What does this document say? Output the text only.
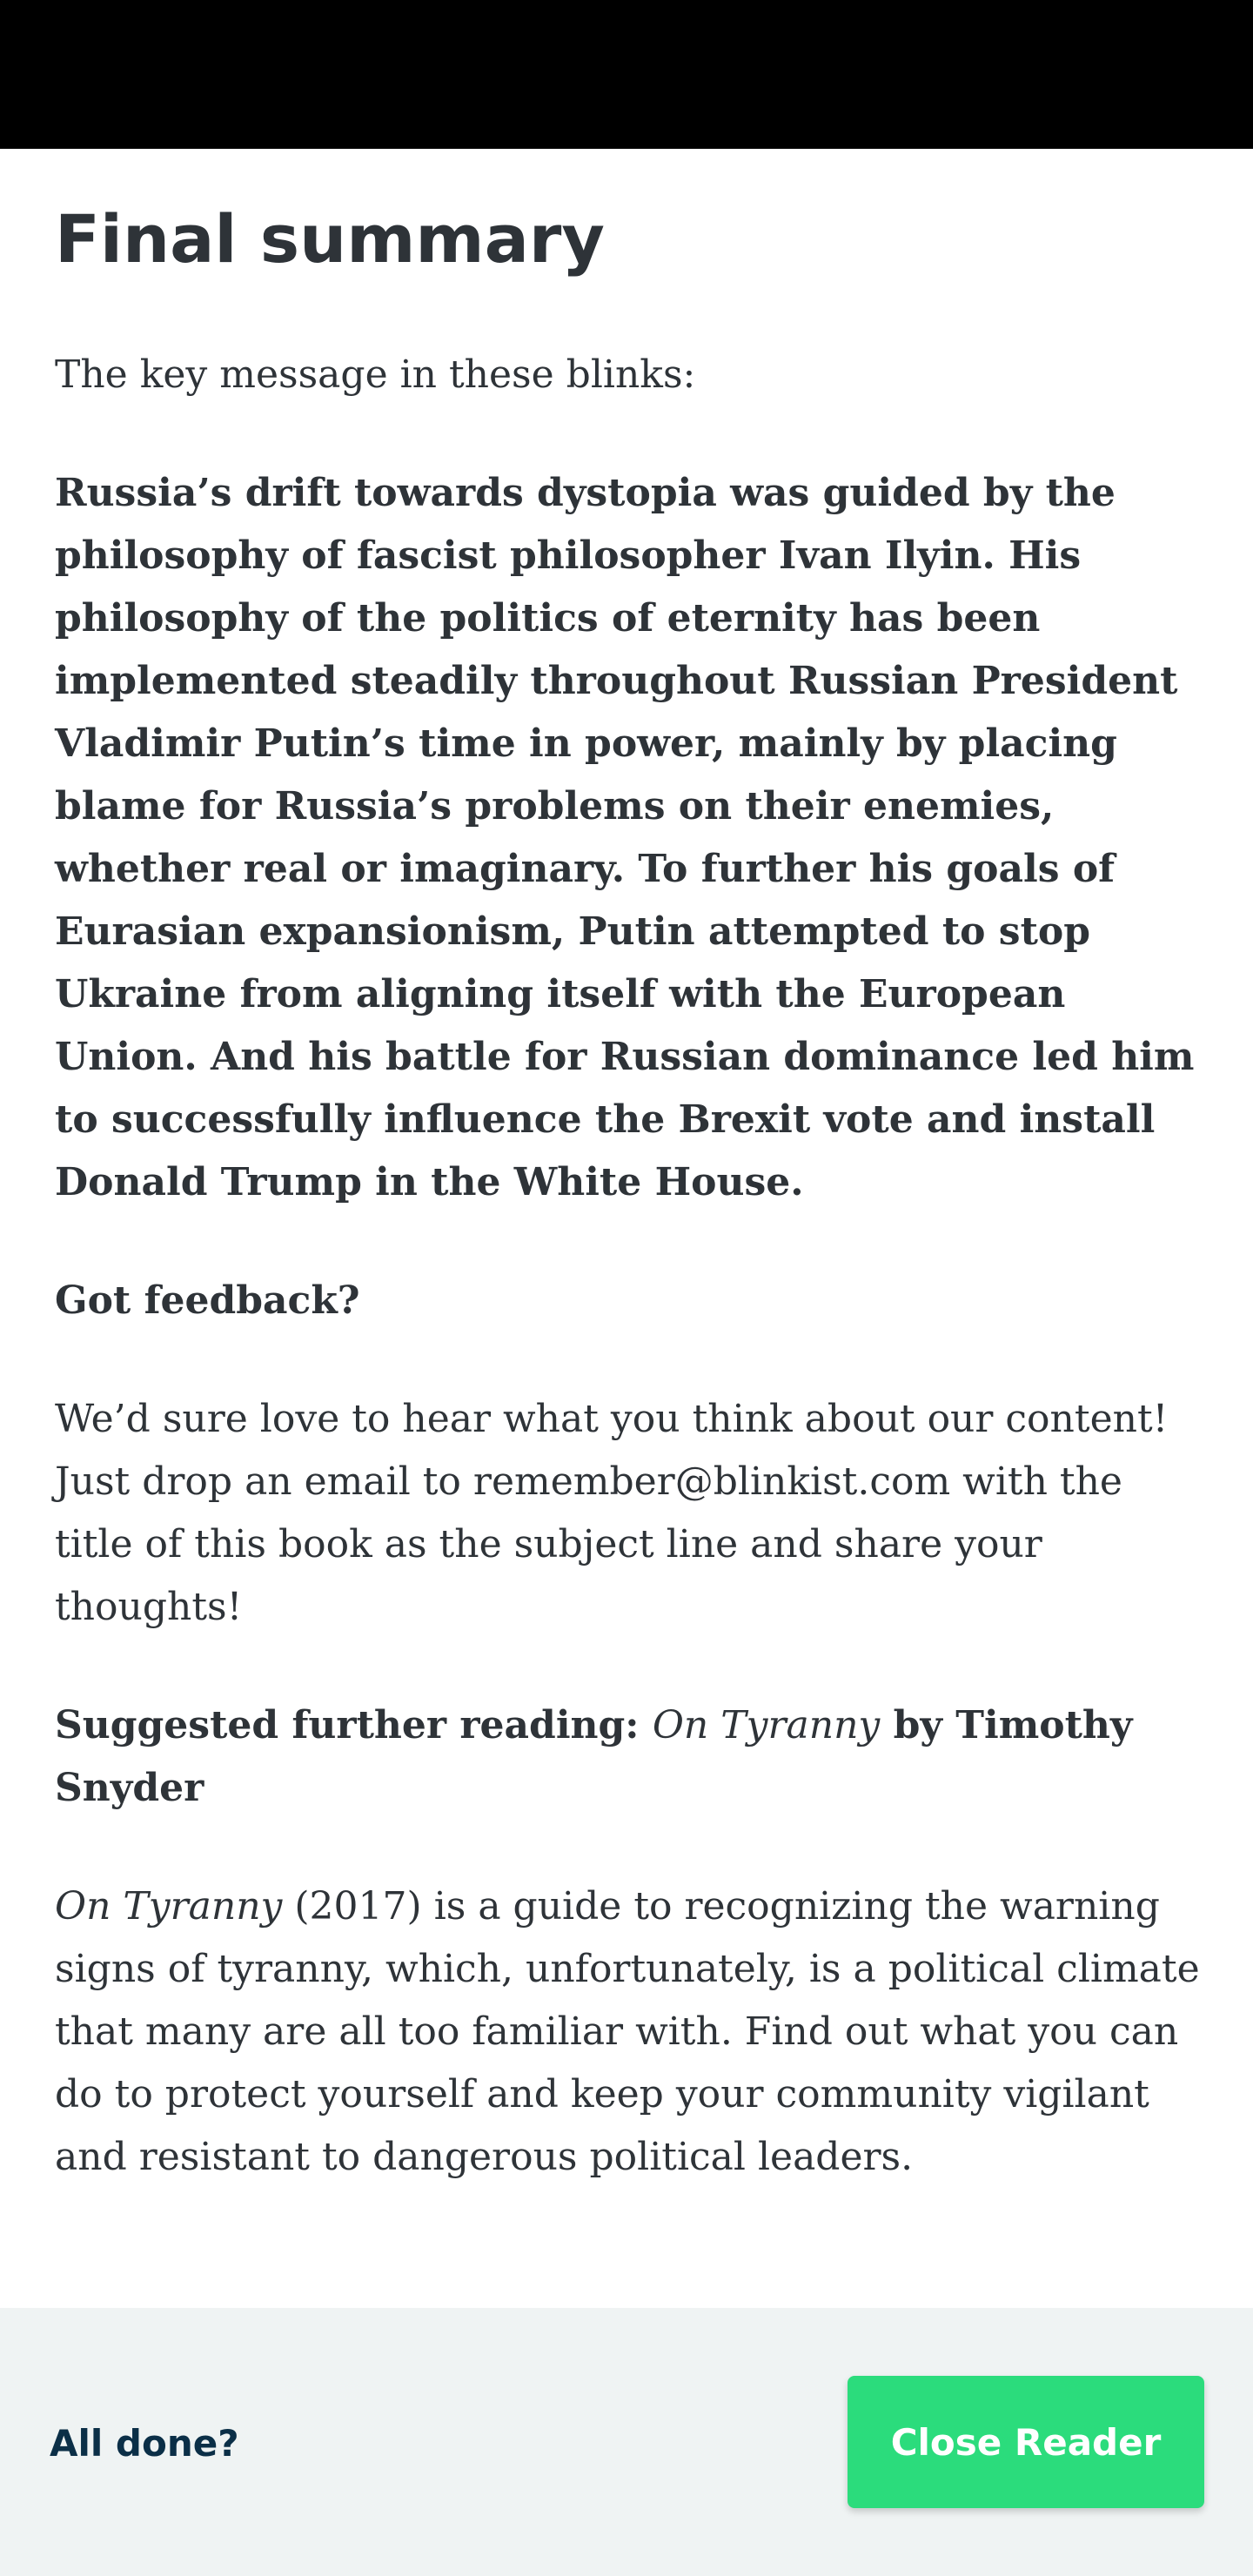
Final summary

The key message in these blinks:

Russia’s drift towards dystopia was guided by the philosophy of fascist philosopher Ivan Ilyin. His philosophy of the politics of eternity has been implemented steadily throughout Russian President Vladimir Putin’s time in power, mainly by placing blame for Russia’s problems on their enemies, whether real or imaginary. To further his goals of Eurasian expansionism, Putin attempted to stop Ukraine from aligning itself with the European Union. And his battle for Russian dominance led him to successfully influence the Brexit vote and install Donald Trump in the White House.

Got feedback?

We’d sure love to hear what you think about our content! Just drop an email to remember@blinkist.com with the title of this book as the subject line and share your thoughts!

Suggested further reading: On Tyranny by Timothy Snyder

On Tyranny (2017) is a guide to recognizing the warning signs of tyranny, which, unfortunately, is a political climate that many are all too familiar with. Find out what you can do to protect yourself and keep your community vigilant and resistant to dangerous political leaders.

All done?	Close Reader
